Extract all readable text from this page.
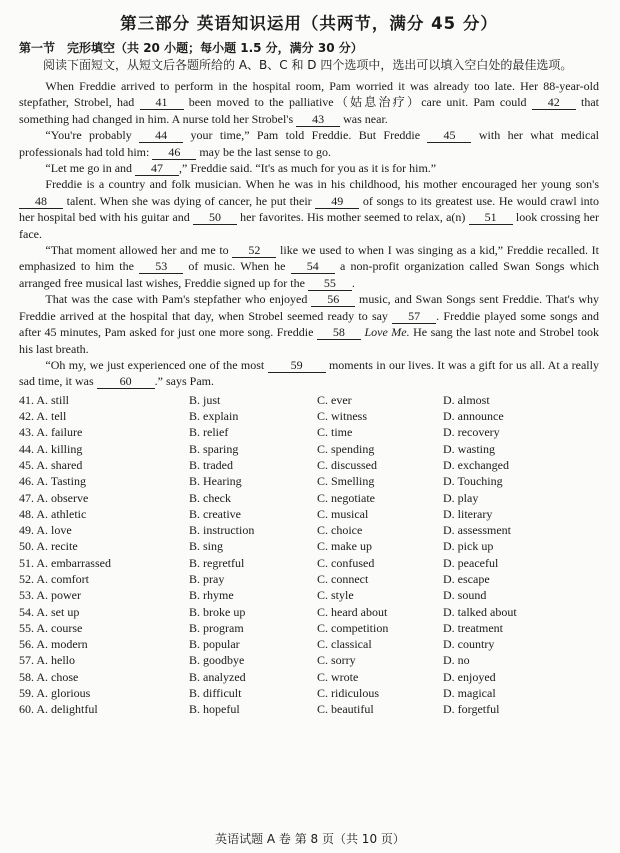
第三部分 英语知识运用（共两节，满分 45 分）
第一节 完形填空（共 20 小题；每小题 1.5 分，满分 30 分）
阅读下面短文，从短文后各题所给的 A、B、C 和 D 四个选项中，选出可以填入空白处的最佳选项。

When Freddie arrived to perform in the hospital room, Pam worried it was already too late. Her 88-year-old stepfather, Strobel, had 41 been moved to the palliative（姑息治疗）care unit. Pam could 42 that something had changed in him. A nurse told her Strobel's 43 was near.

“You're probably 44 your time,” Pam told Freddie. But Freddie 45 with her what medical professionals had told him: 46 may be the last sense to go.

“Let me go in and 47 ,” Freddie said. “It's as much for you as it is for him.”

Freddie is a country and folk musician. When he was in his childhood, his mother encouraged her young son's 48 talent. When she was dying of cancer, he put their 49 of songs to its greatest use. He would crawl into her hospital bed with his guitar and 50 her favorites. His mother seemed to relax, a(n) 51 look crossing her face.

“That moment allowed her and me to 52 like we used to when I was singing as a kid,” Freddie recalled. It emphasized to him the 53 of music. When he 54 a non-profit organization called Swan Songs which arranged free musical last wishes, Freddie signed up for the 55 .

That was the case with Pam's stepfather who enjoyed 56 music, and Swan Songs sent Freddie. That's why Freddie arrived at the hospital that day, when Strobel seemed ready to say 57 . Freddie played some songs and after 45 minutes, Pam asked for just one more song. Freddie 58 Love Me. He sang the last note and Strobel took his last breath.

“Oh my, we just experienced one of the most 59 moments in our lives. It was a gift for us all. At a really sad time, it was 60 .” says Pam.

41. A. still	B. just	C. ever	D. almost
42. A. tell	B. explain	C. witness	D. announce
43. A. failure	B. relief	C. time	D. recovery
44. A. killing	B. sparing	C. spending	D. wasting
45. A. shared	B. traded	C. discussed	D. exchanged
46. A. Tasting	B. Hearing	C. Smelling	D. Touching
47. A. observe	B. check	C. negotiate	D. play
48. A. athletic	B. creative	C. musical	D. literary
49. A. love	B. instruction	C. choice	D. assessment
50. A. recite	B. sing	C. make up	D. pick up
51. A. embarrassed	B. regretful	C. confused	D. peaceful
52. A. comfort	B. pray	C. connect	D. escape
53. A. power	B. rhyme	C. style	D. sound
54. A. set up	B. broke up	C. heard about	D. talked about
55. A. course	B. program	C. competition	D. treatment
56. A. modern	B. popular	C. classical	D. country
57. A. hello	B. goodbye	C. sorry	D. no
58. A. chose	B. analyzed	C. wrote	D. enjoyed
59. A. glorious	B. difficult	C. ridiculous	D. magical
60. A. delightful	B. hopeful	C. beautiful	D. forgetful
英语试题 A 卷 第 8 页（共 10 页）
